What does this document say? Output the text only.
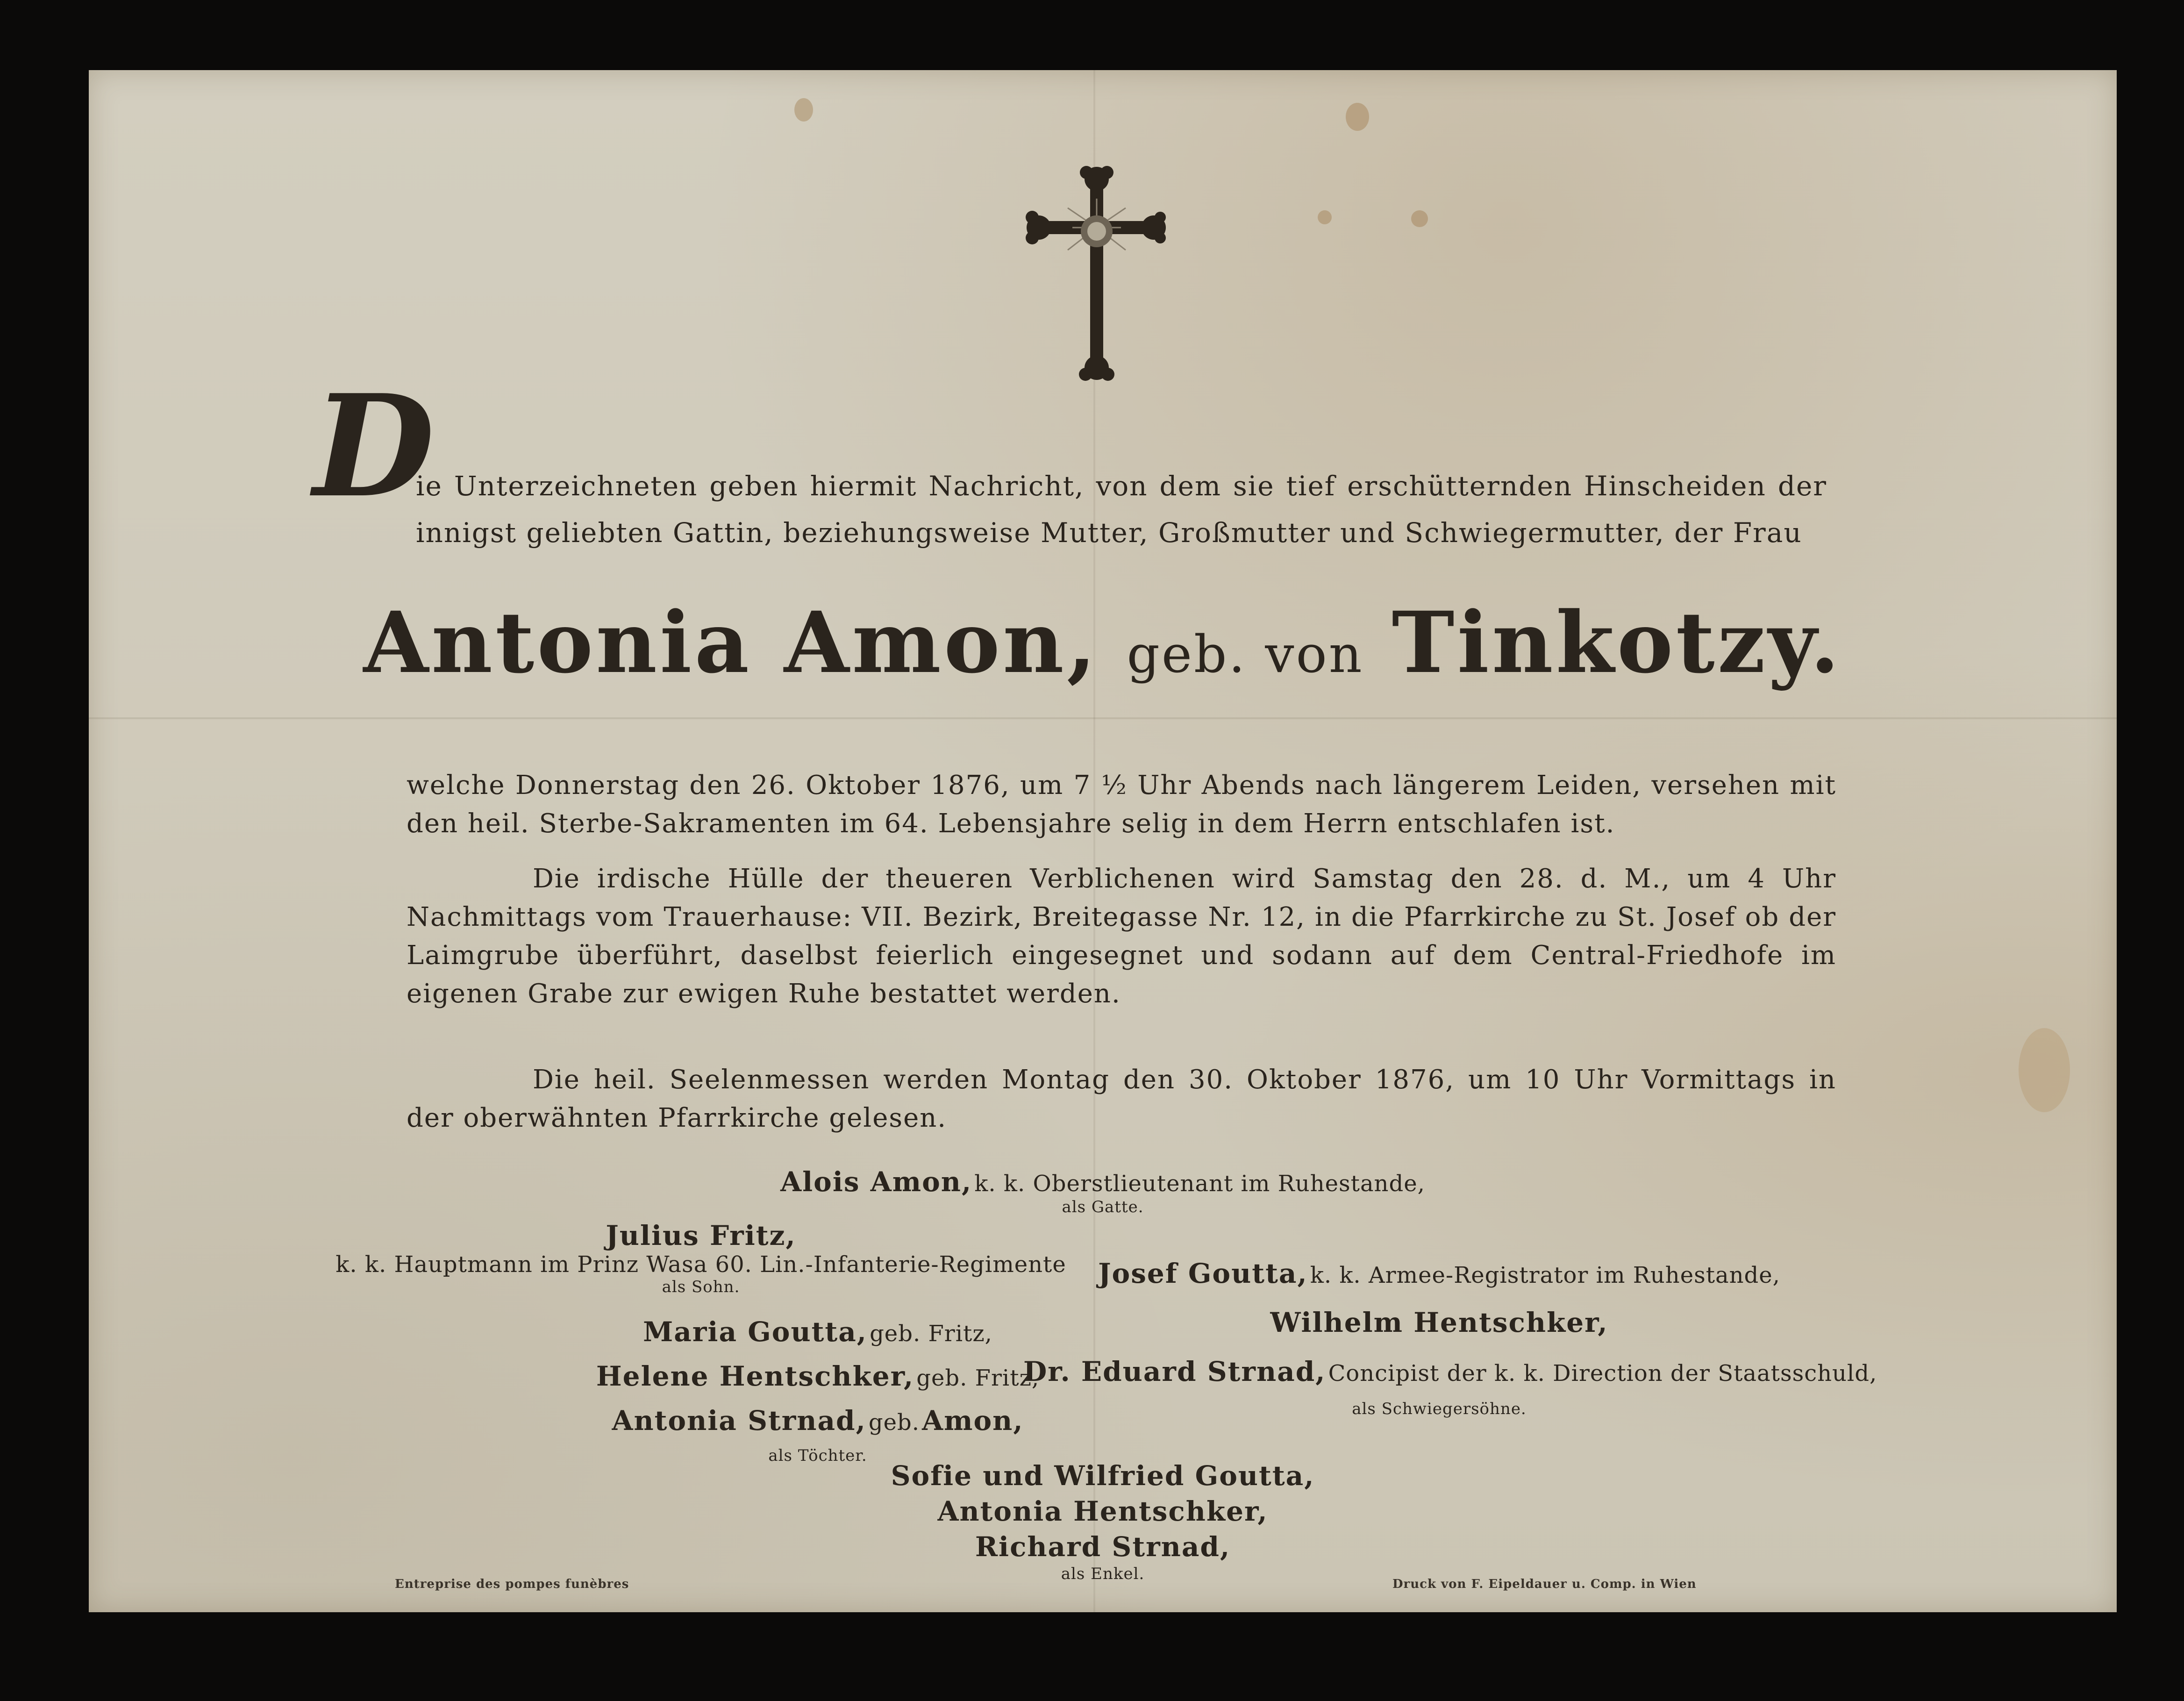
D
ie Unterzeichneten geben hiermit Nachricht, von dem sie tief erschütternden Hinscheiden der innigst geliebten Gattin, beziehungsweise Mutter, Großmutter und Schwiegermutter, der Frau
Antonia Amon, geb. von Tinkotzy.
welche Donnerstag den 26. Oktober 1876, um 7 ½ Uhr Abends nach längerem Leiden, versehen mit den heil. Sterbe-Sakramenten im 64. Lebensjahre selig in dem Herrn entschlafen ist.
Die irdische Hülle der theueren Verblichenen wird Samstag den 28. d. M., um 4 Uhr Nachmittags vom Trauerhause: VII. Bezirk, Breitegasse Nr. 12, in die Pfarrkirche zu St. Josef ob der Laimgrube überführt, daselbst feierlich eingesegnet und sodann auf dem Central-Friedhofe im eigenen Grabe zur ewigen Ruhe bestattet werden.
Die heil. Seelenmessen werden Montag den 30. Oktober 1876, um 10 Uhr Vormittags in der oberwähnten Pfarrkirche gelesen.
Alois Amon, k. k. Oberstlieutenant im Ruhestande,
als Gatte.
Julius Fritz,
k. k. Hauptmann im Prinz Wasa 60. Lin.-Infanterie-Regimente
als Sohn.	Josef Goutta, k. k. Armee-Registrator im Ruhestande,
Wilhelm Hentschker,
Dr. Eduard Strnad, Concipist der k. k. Direction der Staatsschuld,
als Schwiegersöhne.
Maria Goutta, geb. Fritz,
Helene Hentschker, geb. Fritz,
Antonia Strnad, geb. Amon,
als Töchter.
Sofie und Wilfried Goutta,
Antonia Hentschker,
Richard Strnad,
als Enkel.
Entreprise des pompes funèbres	Druck von F. Eipeldauer u. Comp. in Wien
